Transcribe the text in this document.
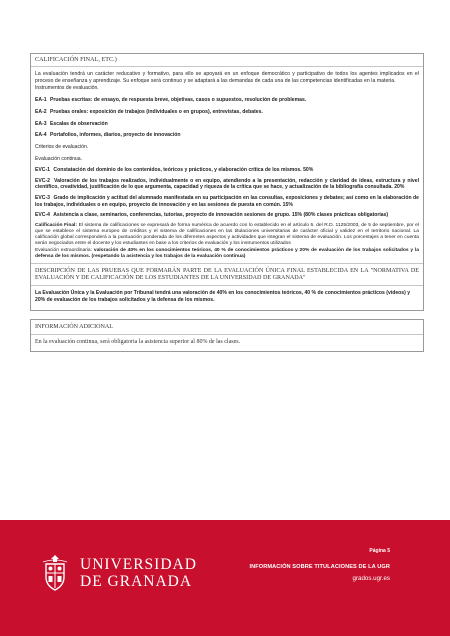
CALIFICACIÓN FINAL, ETC.)

La evaluación tendrá un carácter reducativo y formativo, para ello se apoyará en un enfoque democrático y participativo de todos los agentes implicados en el proceso de enseñanza y aprendizaje. Su enfoque será continuo y se adaptará a las demandas de cada una de las competencias identificadas en la materia.

Instrumentos de evaluación.

EA-1 Pruebas escritas: de ensayo, de respuesta breve, objetivas, casos o supuestos, resolución de problemas.
EA-2 Pruebas orales: exposición de trabajos (individuales o en grupos), entrevistas, debates.
EA-3 Escalas de observación
EA-4 Portafolios, informes, diarios, proyecto de innovación

Criterios de evaluación.

Evaluación continua.

EVC-1 Constatación del dominio de los contenidos, teóricos y prácticos, y elaboración crítica de los mismos. 50%

EVC-2 Valoración de los trabajos realizados, individualmente o en equipo, atendiendo a la presentación, redacción y claridad de ideas, estructura y nivel científico, creatividad, justificación de lo que argumenta, capacidad y riqueza de la crítica que se hace, y actualización de la bibliografía consultada. 20%

EVC-3 Grado de implicación y actitud del alumnado manifestada en su participación en las consultas, exposiciones y debates; así como en la elaboración de los trabajos, individuales o en equipo, proyecto de innovación y en las sesiones de puesta en común. 15%

EVC-4 Asistencia a clase, seminarios, conferencias, tutorías, proyecto de innovación sesiones de grupo. 15% (80% clases prácticas obligatorias)

Calificación Final: El sistema de calificaciones se expresará de forma numérica de acuerdo con lo establecido en el artículo 5. del R.D. 1125/2003, de 5 de septiembre, por el que se establece el sistema europeo de créditos y el sistema de calificaciones en las titulaciones universitarias de carácter oficial y validez en el territorio nacional. La calificación global corresponderá a la puntuación ponderada de los diferentes aspectos y actividades que integran el sistema de evaluación. Los porcentajes a tener en cuenta serán negociados entre el docente y los estudiantes en base a los criterios de evaluación y los instrumentos utilizados
Evaluación extraordinaria: valoración de 40% en los conocimientos teóricos, 40 % de conocimientos prácticos y 20% de evaluación de los trabajos solicitados y la defensa de los mismos. (respetando la asistencia y los trabajos de la evaluación continua)

DESCRIPCIÓN DE LAS PRUEBAS QUE FORMARÁN PARTE DE LA EVALUACIÓN ÚNICA FINAL ESTABLECIDA EN LA "NORMATIVA DE EVALUACIÓN Y DE CALIFICACIÓN DE LOS ESTUDIANTES DE LA UNIVERSIDAD DE GRANADA"
La Evaluación Única y la Evaluación por Tribunal tendrá una valoración de 40% en los conocimientos teóricos, 40 % de conocimientos prácticos (videos) y 20% de evaluación de los trabajos solicitados y la defensa de los mismos.
INFORMACIÓN ADICIONAL
En la evaluación continua, será obligatoria la asistencia superior al 80% de las clases.
UNIVERSIDAD
DE GRANADA
Página 5
INFORMACIÓN SOBRE TITULACIONES DE LA UGR
grados.ugr.es
